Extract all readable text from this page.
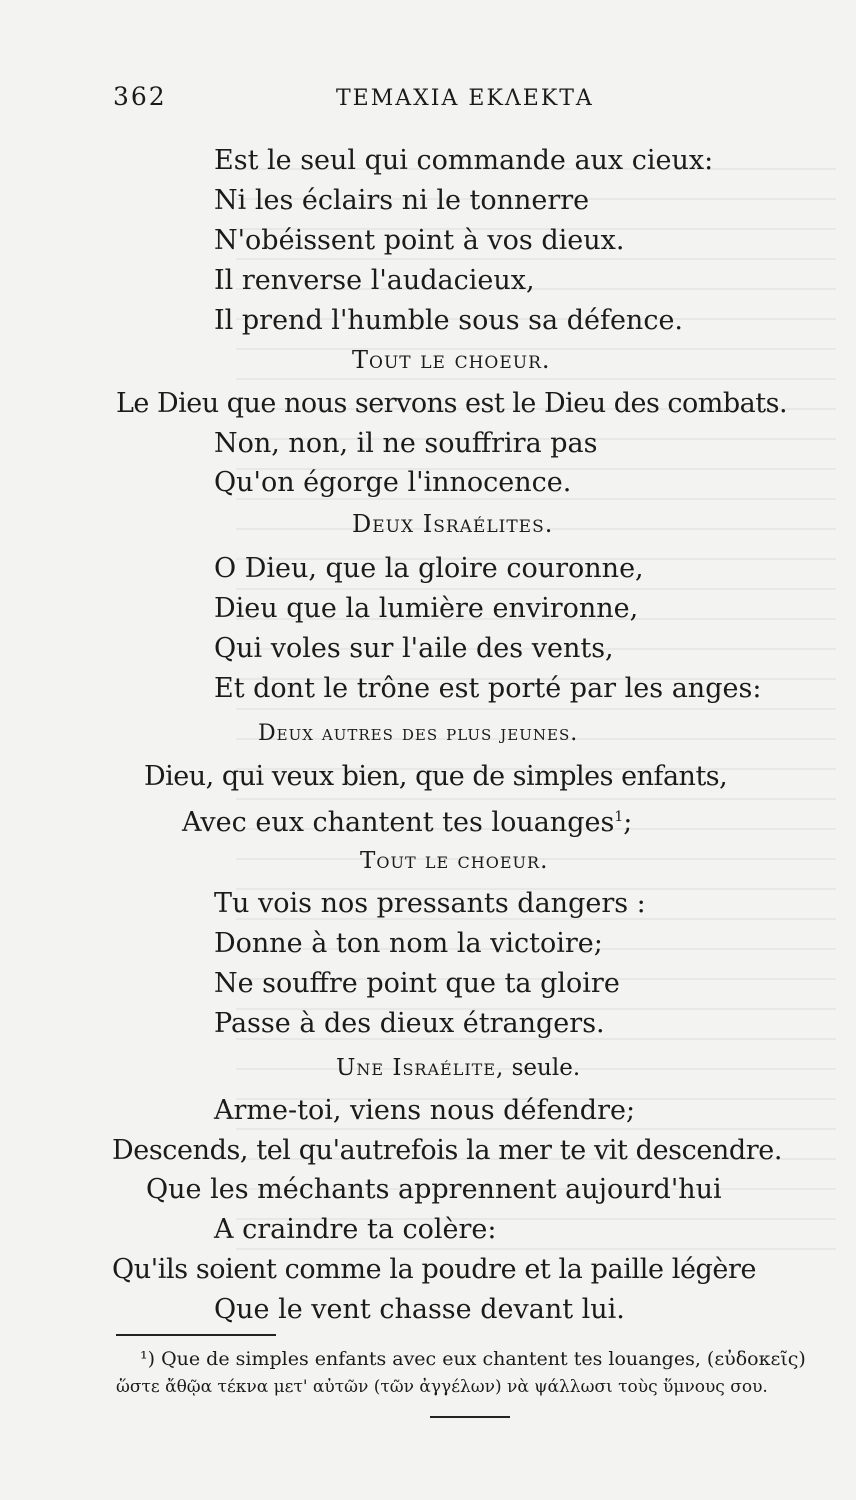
362	ΤΕΜΑΧΙΑ ΕΚΛΕΚΤΑ
Est le seul qui commande aux cieux:
Ni les éclairs ni le tonnerre
N'obéissent point à vos dieux.
Il renverse l'audacieux,
Il prend l'humble sous sa défence.
Tout le choeur.
Le Dieu que nous servons est le Dieu des combats.
Non, non, il ne souffrira pas
Qu'on égorge l'innocence.
Deux Israélites.
O Dieu, que la gloire couronne,
Dieu que la lumière environne,
Qui voles sur l'aile des vents,
Et dont le trône est porté par les anges:
Deux autres des plus jeunes.
Dieu, qui veux bien, que de simples enfants,
Avec eux chantent tes louanges$^1$;
Tout le choeur.
Tu vois nos pressants dangers :
Donne à ton nom la victoire;
Ne souffre point que ta gloire
Passe à des dieux étrangers.
Une Israélite, seule.
Arme-toi, viens nous défendre;
Descends, tel qu'autrefois la mer te vit descendre.
Que les méchants apprennent aujourd'hui
A craindre ta colère:
Qu'ils soient comme la poudre et la paille légère
Que le vent chasse devant lui.
¹) Que de simples enfants avec eux chantent tes louanges, (εὐδοκεῖς)
ὥστε ἄθῷα τέκνα μετ' αὐτῶν (τῶν ἀγγέλων) νὰ ψάλλωσι τοὺς ὕμνους σου.
